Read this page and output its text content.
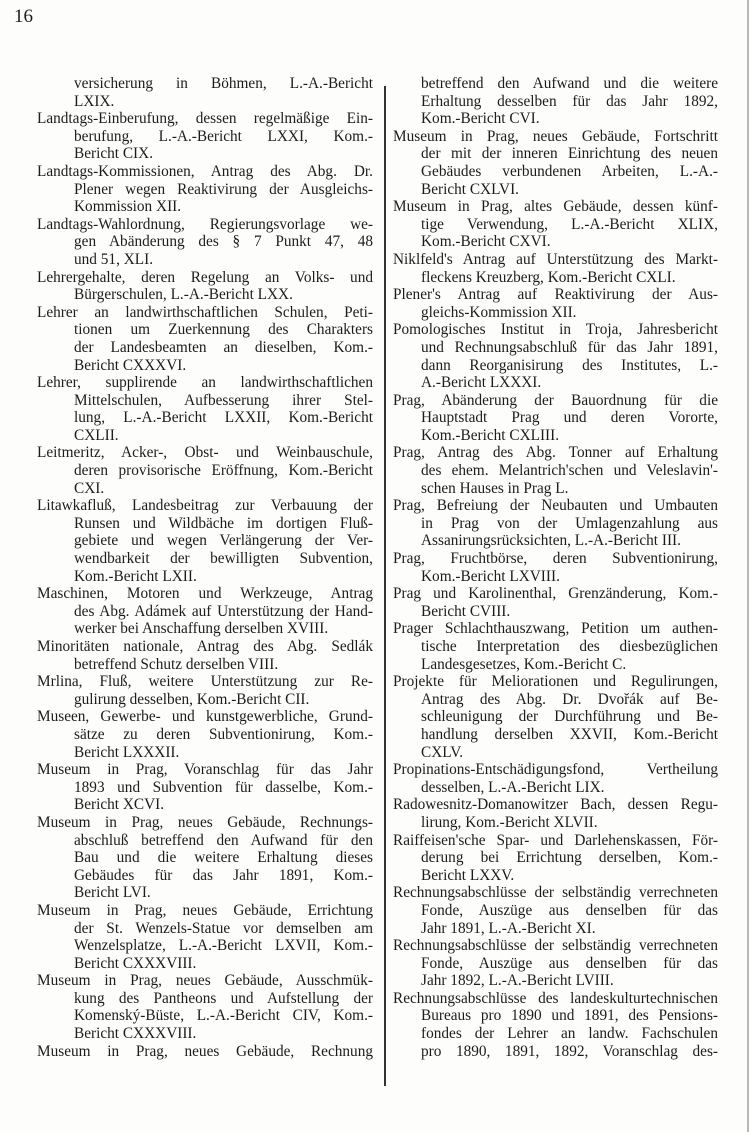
16
versicherung in Böhmen, L.-A.-Bericht
LXIX.
Landtags-Einberufung, dessen regelmäßige Ein-
berufung, L.-A.-Bericht LXXI, Kom.-
Bericht CIX.
Landtags-Kommissionen, Antrag des Abg. Dr.
Plener wegen Reaktivirung der Ausgleichs-
Kommission XII.
Landtags-Wahlordnung, Regierungsvorlage we-
gen Abänderung des § 7 Punkt 47, 48
und 51, XLI.
Lehrergehalte, deren Regelung an Volks- und
Bürgerschulen, L.-A.-Bericht LXX.
Lehrer an landwirthschaftlichen Schulen, Peti-
tionen um Zuerkennung des Charakters
der Landesbeamten an dieselben, Kom.-
Bericht CXXXVI.
Lehrer, supplirende an landwirthschaftlichen
Mittelschulen, Aufbesserung ihrer Stel-
lung, L.-A.-Bericht LXXII, Kom.-Bericht
CXLII.
Leitmeritz, Acker-, Obst- und Weinbauschule,
deren provisorische Eröffnung, Kom.-Bericht
CXI.
Litawkafluß, Landesbeitrag zur Verbauung der
Runsen und Wildbäche im dortigen Fluß-
gebiete und wegen Verlängerung der Ver-
wendbarkeit der bewilligten Subvention,
Kom.-Bericht LXII.
Maschinen, Motoren und Werkzeuge, Antrag
des Abg. Adámek auf Unterstützung der Hand-
werker bei Anschaffung derselben XVIII.
Minoritäten nationale, Antrag des Abg. Sedlák
betreffend Schutz derselben VIII.
Mrlina, Fluß, weitere Unterstützung zur Re-
gulirung desselben, Kom.-Bericht CII.
Museen, Gewerbe- und kunstgewerbliche, Grund-
sätze zu deren Subventionirung, Kom.-
Bericht LXXXII.
Museum in Prag, Voranschlag für das Jahr
1893 und Subvention für dasselbe, Kom.-
Bericht XCVI.
Museum in Prag, neues Gebäude, Rechnungs-
abschluß betreffend den Aufwand für den
Bau und die weitere Erhaltung dieses
Gebäudes für das Jahr 1891, Kom.-
Bericht LVI.
Museum in Prag, neues Gebäude, Errichtung
der St. Wenzels-Statue vor demselben am
Wenzelsplatze, L.-A.-Bericht LXVII, Kom.-
Bericht CXXXVIII.
Museum in Prag, neues Gebäude, Ausschmük-
kung des Pantheons und Aufstellung der
Komenský-Büste, L.-A.-Bericht CIV, Kom.-
Bericht CXXXVIII.
Museum in Prag, neues Gebäude, Rechnung
betreffend den Aufwand und die weitere
Erhaltung desselben für das Jahr 1892,
Kom.-Bericht CVI.
Museum in Prag, neues Gebäude, Fortschritt
der mit der inneren Einrichtung des neuen
Gebäudes verbundenen Arbeiten, L.-A.-
Bericht CXLVI.
Museum in Prag, altes Gebäude, dessen künf-
tige Verwendung, L.-A.-Bericht XLIX,
Kom.-Bericht CXVI.
Niklfeld's Antrag auf Unterstützung des Markt-
fleckens Kreuzberg, Kom.-Bericht CXLI.
Plener's Antrag auf Reaktivirung der Aus-
gleichs-Kommission XII.
Pomologisches Institut in Troja, Jahresbericht
und Rechnungsabschluß für das Jahr 1891,
dann Reorganisirung des Institutes, L.-
A.-Bericht LXXXI.
Prag, Abänderung der Bauordnung für die
Hauptstadt Prag und deren Vororte,
Kom.-Bericht CXLIII.
Prag, Antrag des Abg. Tonner auf Erhaltung
des ehem. Melantrich'schen und Veleslavin'-
schen Hauses in Prag L.
Prag, Befreiung der Neubauten und Umbauten
in Prag von der Umlagenzahlung aus
Assanirungsrücksichten, L.-A.-Bericht III.
Prag, Fruchtbörse, deren Subventionirung,
Kom.-Bericht LXVIII.
Prag und Karolinenthal, Grenzänderung, Kom.-
Bericht CVIII.
Prager Schlachthauszwang, Petition um authen-
tische Interpretation des diesbezüglichen
Landesgesetzes, Kom.-Bericht C.
Projekte für Meliorationen und Regulirungen,
Antrag des Abg. Dr. Dvořák auf Be-
schleunigung der Durchführung und Be-
handlung derselben XXVII, Kom.-Bericht
CXLV.
Propinations-Entschädigungsfond, Vertheilung
desselben, L.-A.-Bericht LIX.
Radowesnitz-Domanowitzer Bach, dessen Regu-
lirung, Kom.-Bericht XLVII.
Raiffeisen'sche Spar- und Darlehenskassen, För-
derung bei Errichtung derselben, Kom.-
Bericht LXXV.
Rechnungsabschlüsse der selbständig verrechneten
Fonde, Auszüge aus denselben für das
Jahr 1891, L.-A.-Bericht XI.
Rechnungsabschlüsse der selbständig verrechneten
Fonde, Auszüge aus denselben für das
Jahr 1892, L.-A.-Bericht LVIII.
Rechnungsabschlüsse des landeskulturtechnischen
Bureaus pro 1890 und 1891, des Pensions-
fondes der Lehrer an landw. Fachschulen
pro 1890, 1891, 1892, Voranschlag des-
